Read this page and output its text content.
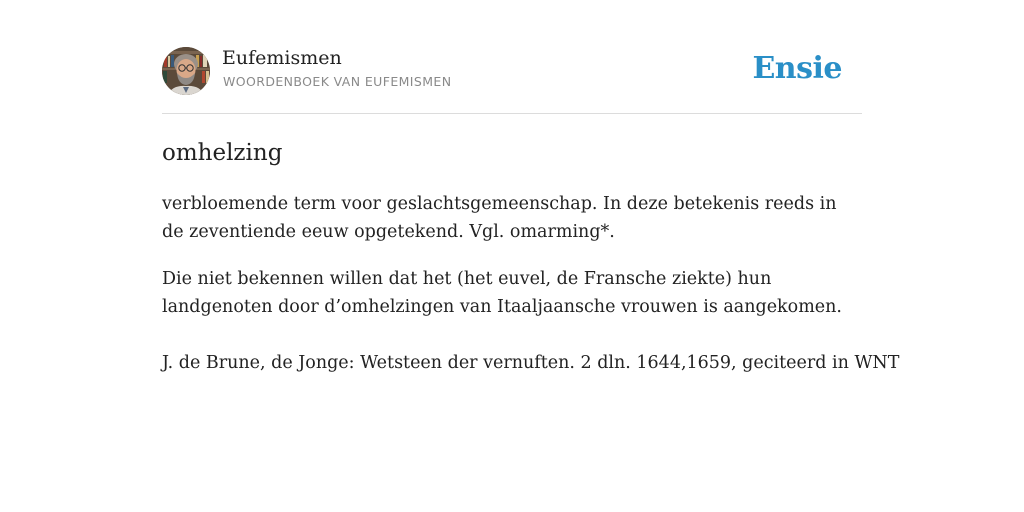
Eufemismen
WOORDENBOEK VAN EUFEMISMEN	Ensie
omhelzing

verbloemende term voor geslachtsgemeenschap. In deze betekenis reeds in de zeventiende eeuw opgetekend. Vgl. omarming*.

Die niet bekennen willen dat het (het euvel, de Fransche ziekte) hun landgenoten door d’omhelzingen van Itaaljaansche vrouwen is aangekomen.

J. de Brune, de Jonge: Wetsteen der vernuften. 2 dln. 1644,1659, geciteerd in WNT
